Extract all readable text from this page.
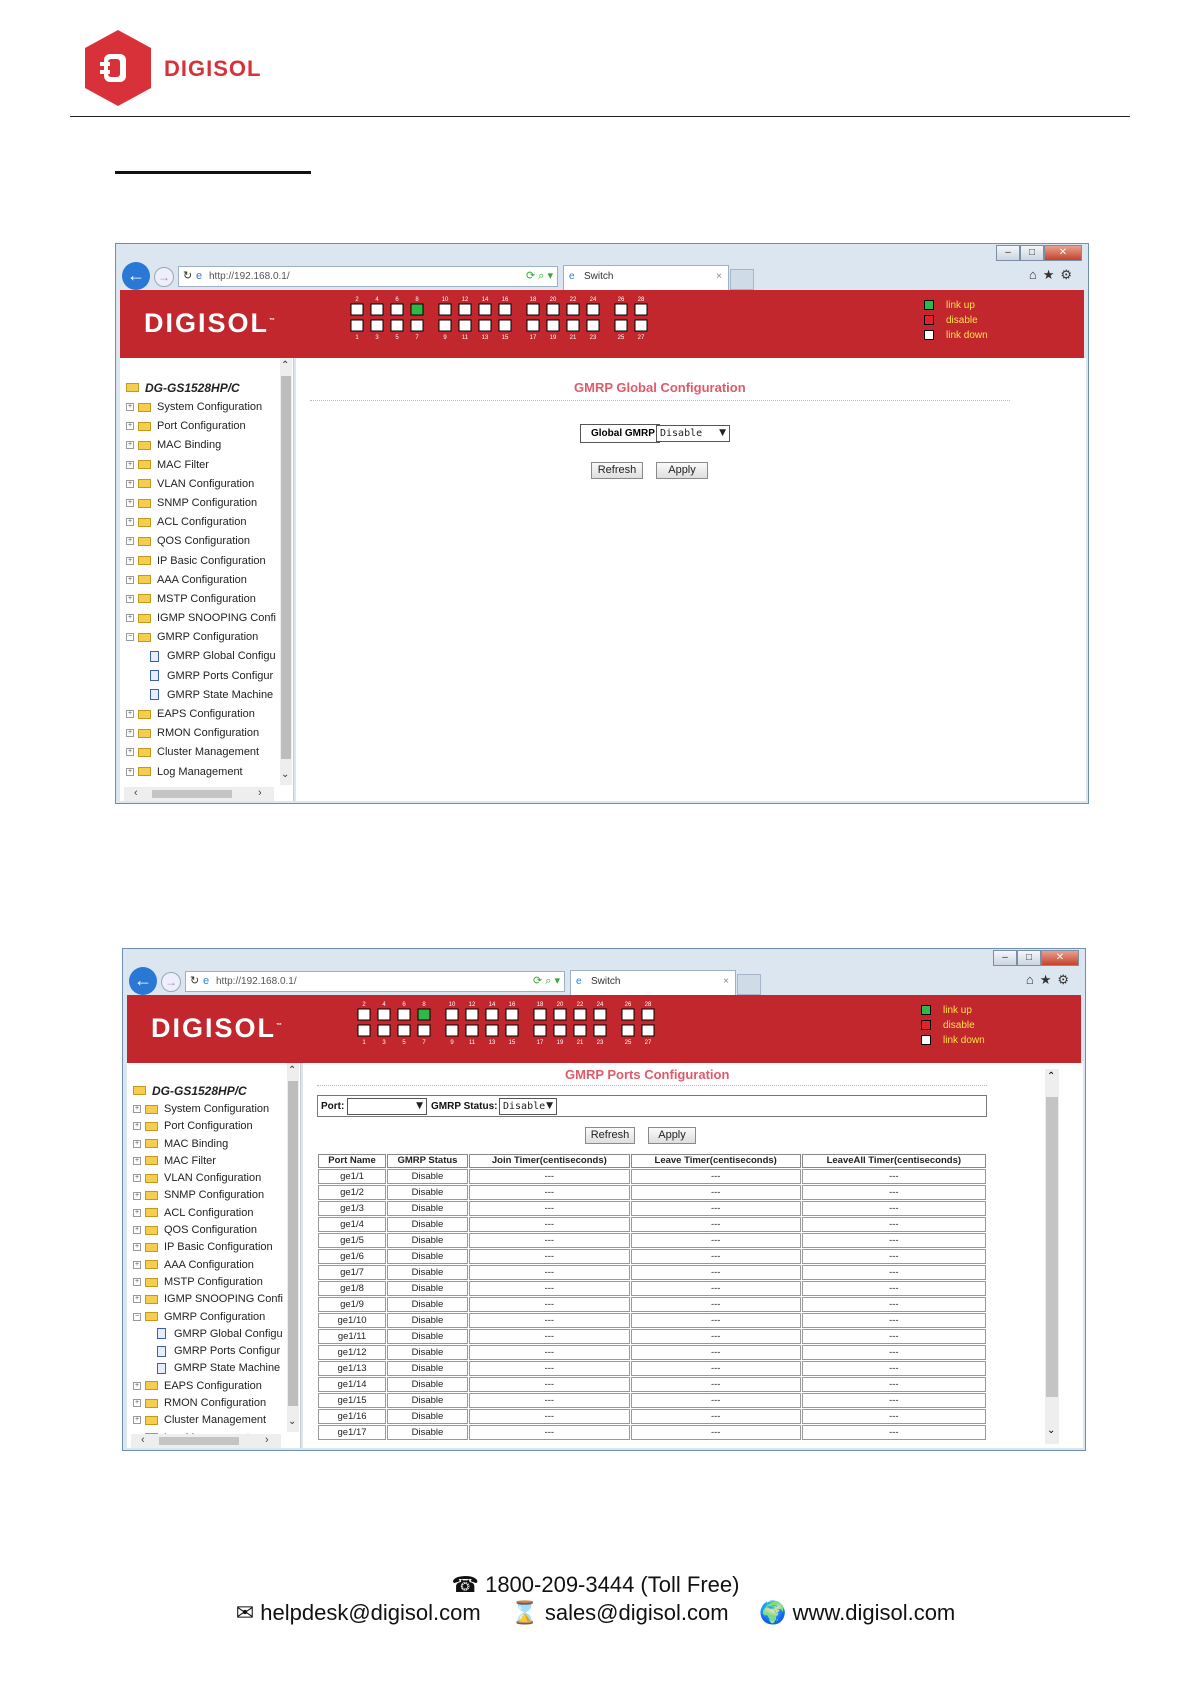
DIGISOL
–	□	✕
←	→	↻ e http://192.168.0.1/	⟳ ⌕ ▾ e Switch	×	⌂★⚙
DIGISOL™
2
1
4
3
6
5
8
7
10
9
12
11
14
13
16
15
18
17
20
19
22
21
24
23
26
25
28
27
link up
disable
link down
DG-GS1528HP/C
+ System Configuration
+ Port Configuration
+ MAC Binding
+ MAC Filter
+ VLAN Configuration
+ SNMP Configuration
+ ACL Configuration
+ QOS Configuration
+ IP Basic Configuration
+ AAA Configuration
+ MSTP Configuration
+ IGMP SNOOPING Confi
− GMRP Configuration
GMRP Global Configu
GMRP Ports Configur
GMRP State Machine
+ EAPS Configuration
+ RMON Configuration
+ Cluster Management
+ Log Management
⌃
⌄
‹	›
GMRP Global Configuration
Global GMRP Disable ▼
Refresh	Apply
–	□	✕
←	→	↻ e http://192.168.0.1/	⟳ ⌕ ▾ e Switch	×	⌂★⚙
DIGISOL™
2
1
4
3
6
5
8
7
10
9
12
11
14
13
16
15
18
17
20
19
22
21
24
23
26
25
28
27
link up
disable
link down
DG-GS1528HP/C
+ System Configuration
+ Port Configuration
+ MAC Binding
+ MAC Filter
+ VLAN Configuration
+ SNMP Configuration
+ ACL Configuration
+ QOS Configuration
+ IP Basic Configuration
+ AAA Configuration
+ MSTP Configuration
+ IGMP SNOOPING Confi
− GMRP Configuration
GMRP Global Configu
GMRP Ports Configur
GMRP State Machine
+ EAPS Configuration
+ RMON Configuration
+ Cluster Management
⌃
⌄
‹	›
GMRP Ports Configuration
Port:	▼ GMRP Status: Disable ▼
Refresh	Apply
Port Name	GMRP Status	Join Timer(centiseconds)	Leave Timer(centiseconds)	LeaveAll Timer(centiseconds)
ge1/1	Disable	---	---	---
ge1/2	Disable	---	---	---
ge1/3	Disable	---	---	---
ge1/4	Disable	---	---	---
ge1/5	Disable	---	---	---
ge1/6	Disable	---	---	---
ge1/7	Disable	---	---	---
ge1/8	Disable	---	---	---
ge1/9	Disable	---	---	---
ge1/10	Disable	---	---	---
ge1/11	Disable	---	---	---
ge1/12	Disable	---	---	---
ge1/13	Disable	---	---	---
ge1/14	Disable	---	---	---
ge1/15	Disable	---	---	---
ge1/16	Disable	---	---	---
ge1/17	Disable	---	---	---
⌃
⌄
☎ 1800-209-3444 (Toll Free)
✉ helpdesk@digisol.com ⌛ sales@digisol.com 🌍 www.digisol.com
